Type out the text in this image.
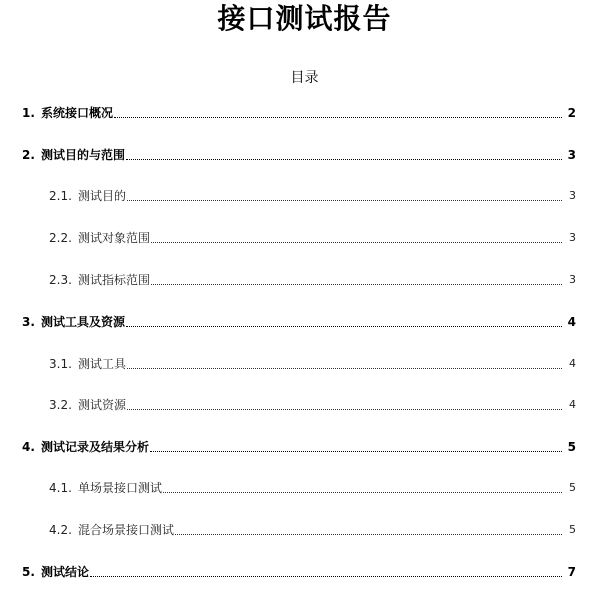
接口测试报告
目录
1. 系统接口概况	2
2. 测试目的与范围	3
2.1. 测试目的	3
2.2. 测试对象范围	3
2.3. 测试指标范围	3
3. 测试工具及资源	4
3.1. 测试工具	4
3.2. 测试资源	4
4. 测试记录及结果分析	5
4.1. 单场景接口测试	5
4.2. 混合场景接口测试	5
5. 测试结论	7
